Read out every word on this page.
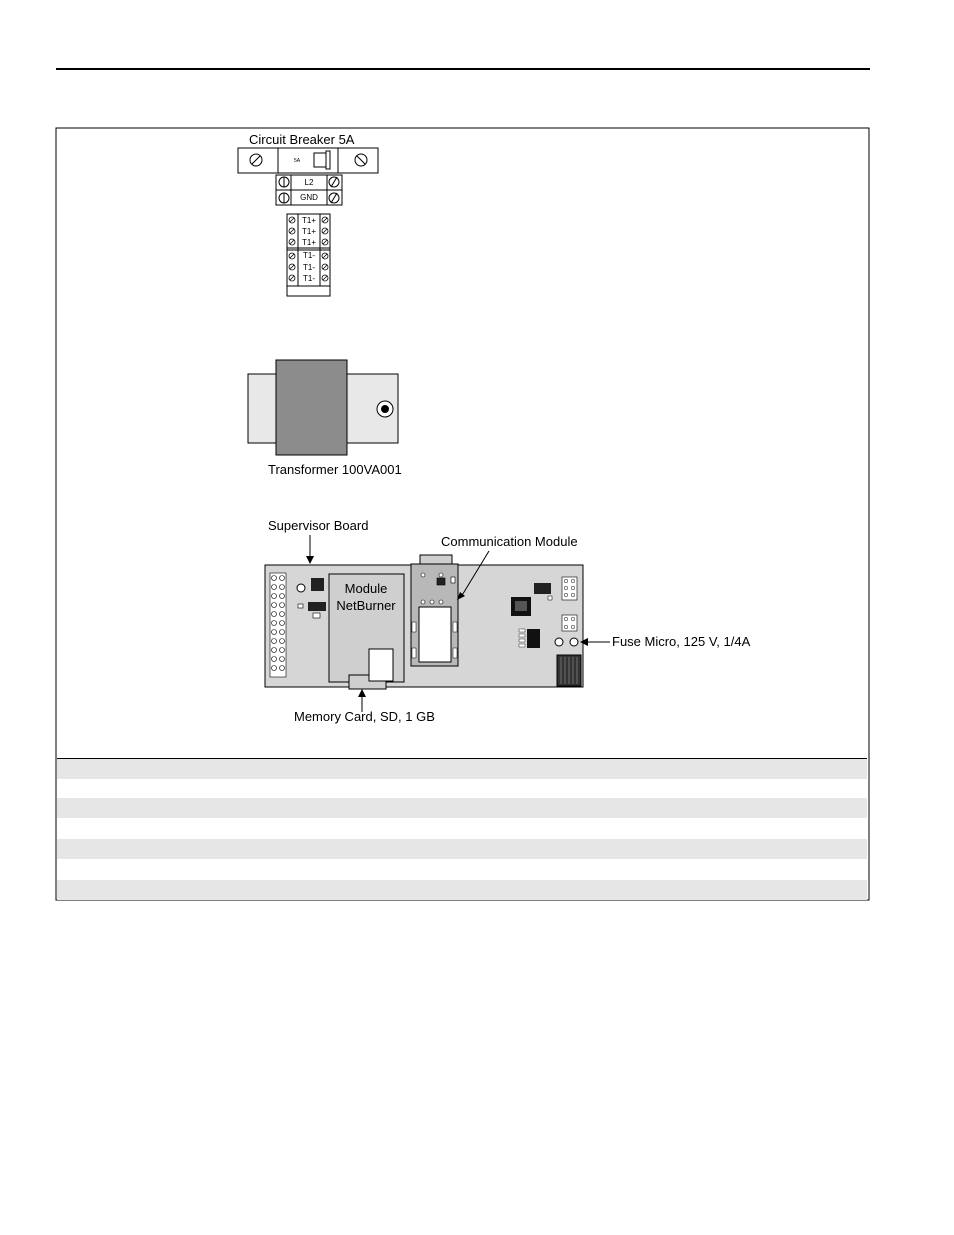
Circuit Breaker 5A
5A
L2
GND
T1+
T1+
T1+
T1-
T1-
T1-
Transformer 100VA001
Supervisor Board
Module
NetBurner
Communication Module
Fuse Micro, 125 V, 1/4A
Memory Card, SD, 1 GB
